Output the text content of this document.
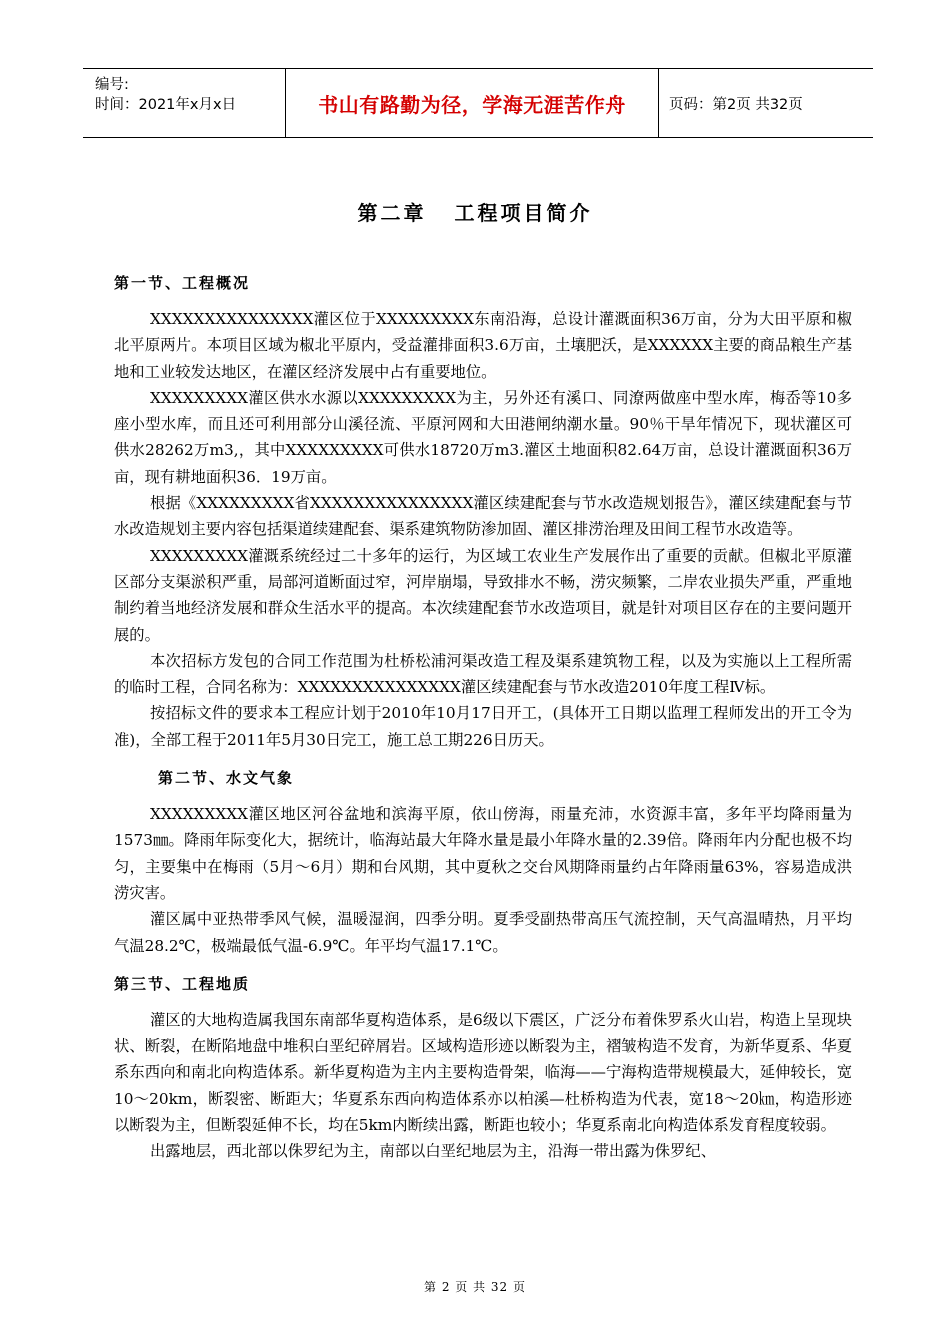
编号:
时间：2021年x月x日	书山有路勤为径，学海无涯苦作舟	页码：第2页 共32页
第二章 工程项目简介
第一节、工程概况

XXXXXXXXXXXXXXX灌区位于XXXXXXXXX东南沿海，总设计灌溉面积36万亩，分为大田平原和椒北平原两片。本项目区域为椒北平原内，受益灌排面积3.6万亩，土壤肥沃，是XXXXXX主要的商品粮生产基地和工业较发达地区，在灌区经济发展中占有重要地位。

XXXXXXXXX灌区供水水源以XXXXXXXXX为主，另外还有溪口、同潦两做座中型水库，梅岙等10多座小型水库，而且还可利用部分山溪径流、平原河网和大田港闸纳潮水量。90％干旱年情况下，现状灌区可供水28262万m3,，其中XXXXXXXXX可供水18720万m3.灌区土地面积82.64万亩，总设计灌溉面积36万亩，现有耕地面积36．19万亩。

根据《XXXXXXXXX省XXXXXXXXXXXXXXX灌区续建配套与节水改造规划报告》，灌区续建配套与节水改造规划主要内容包括渠道续建配套、渠系建筑物防渗加固、灌区排涝治理及田间工程节水改造等。

XXXXXXXXX灌溉系统经过二十多年的运行，为区域工农业生产发展作出了重要的贡献。但椒北平原灌区部分支渠淤积严重，局部河道断面过窄，河岸崩塌，导致排水不畅，涝灾频繁，二岸农业损失严重，严重地制约着当地经济发展和群众生活水平的提高。本次续建配套节水改造项目，就是针对项目区存在的主要问题开展的。

本次招标方发包的合同工作范围为杜桥松浦河渠改造工程及渠系建筑物工程，以及为实施以上工程所需的临时工程，合同名称为：XXXXXXXXXXXXXXX灌区续建配套与节水改造2010年度工程Ⅳ标。

按招标文件的要求本工程应计划于2010年10月17日开工，(具体开工日期以监理工程师发出的开工令为准)，全部工程于2011年5月30日完工，施工总工期226日历天。

第二节、水文气象

XXXXXXXXX灌区地区河谷盆地和滨海平原，依山傍海，雨量充沛，水资源丰富，多年平均降雨量为1573㎜。降雨年际变化大，据统计，临海站最大年降水量是最小年降水量的2.39倍。降雨年内分配也极不均匀，主要集中在梅雨（5月～6月）期和台风期，其中夏秋之交台风期降雨量约占年降雨量63%，容易造成洪涝灾害。

灌区属中亚热带季风气候，温暖湿润，四季分明。夏季受副热带高压气流控制，天气高温晴热，月平均气温28.2℃，极端最低气温-6.9℃。年平均气温17.1℃。

第三节、工程地质

灌区的大地构造属我国东南部华夏构造体系，是6级以下震区，广泛分布着侏罗系火山岩，构造上呈现块状、断裂，在断陷地盘中堆积白垩纪碎屑岩。区域构造形迹以断裂为主，褶皱构造不发育，为新华夏系、华夏系东西向和南北向构造体系。新华夏构造为主内主要构造骨架，临海——宁海构造带规模最大，延伸较长，宽10～20km，断裂密、断距大；华夏系东西向构造体系亦以柏溪—杜桥构造为代表，宽18～20㎞，构造形迹以断裂为主，但断裂延伸不长，均在5km内断续出露，断距也较小；华夏系南北向构造体系发育程度较弱。

出露地层，西北部以侏罗纪为主，南部以白垩纪地层为主，沿海一带出露为侏罗纪、

第 2 页 共 32 页
